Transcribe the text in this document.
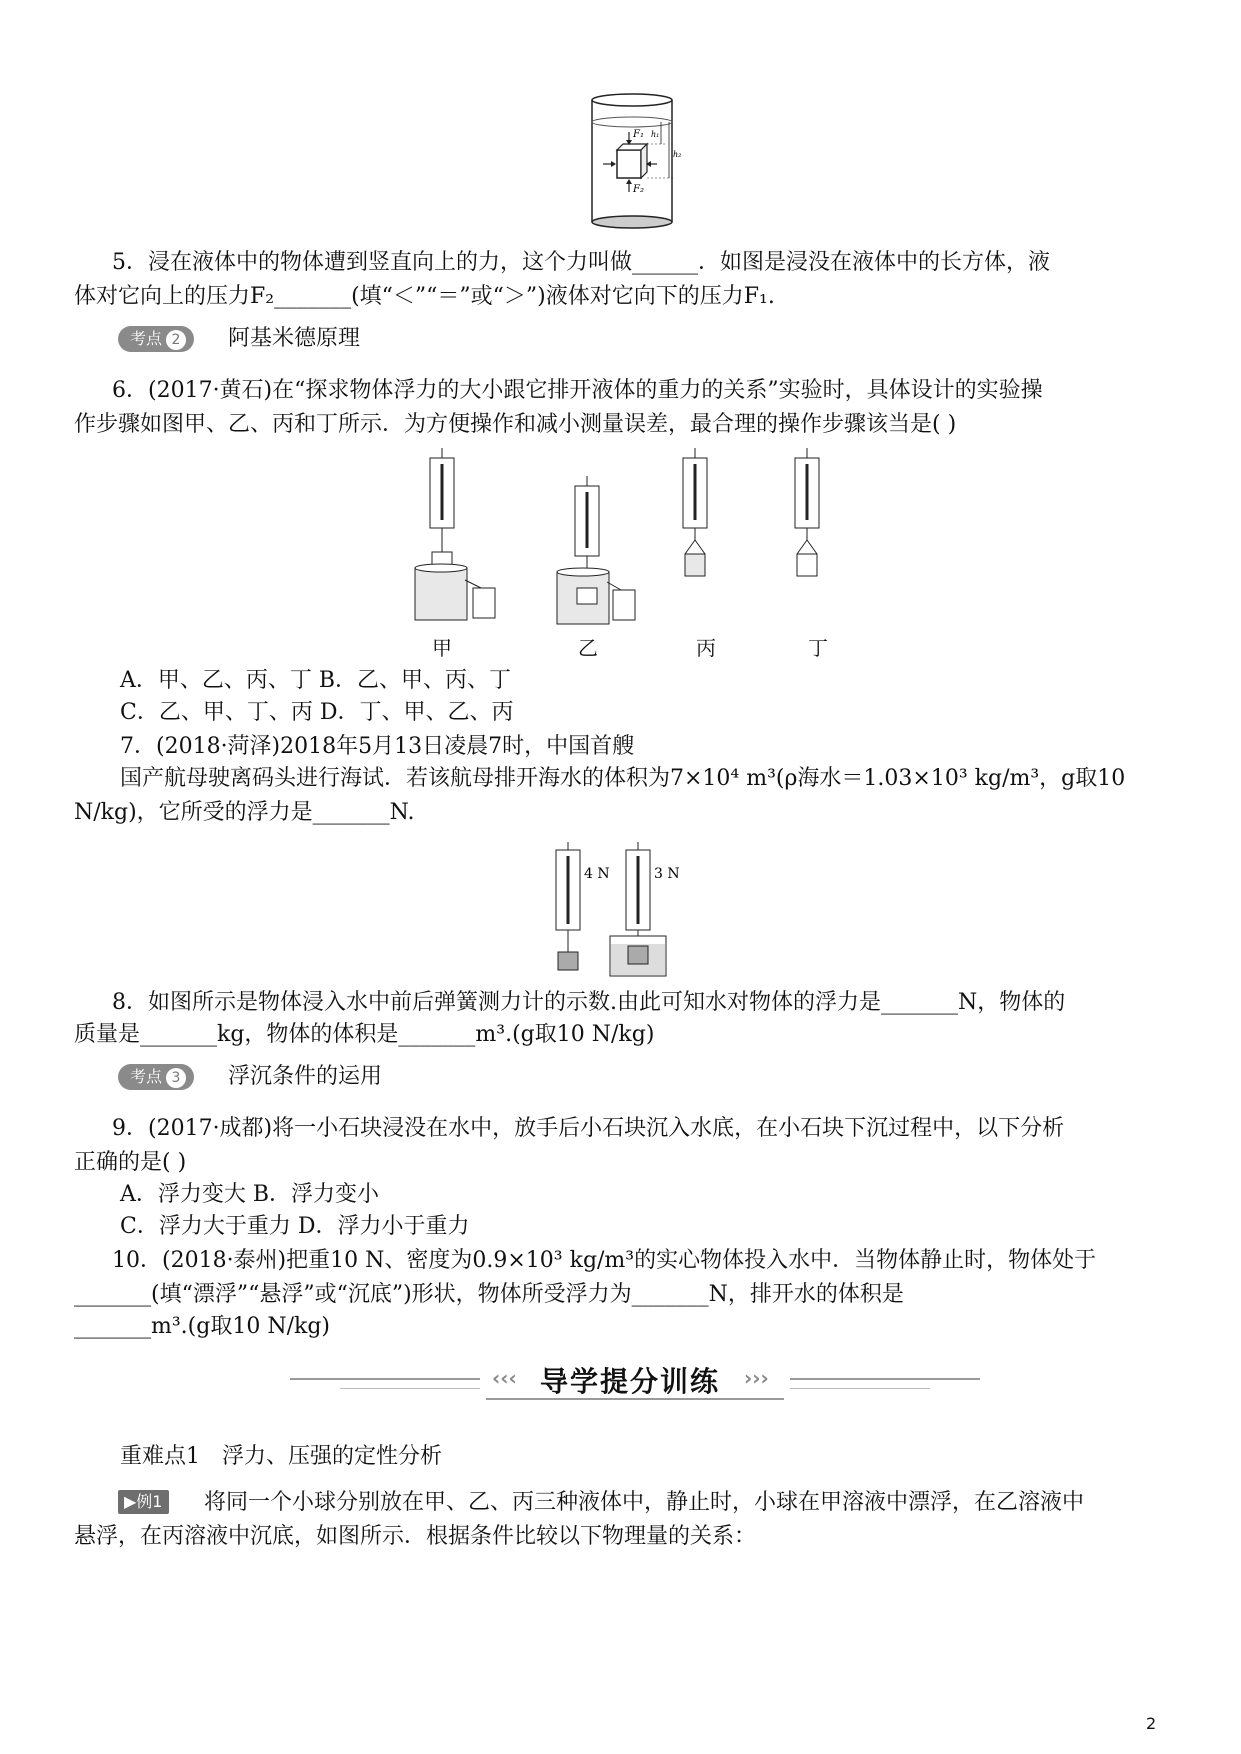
F₁
F₂
h₁
h₂
5．浸在液体中的物体遭到竖直向上的力，这个力叫做______．如图是浸没在液体中的长方体，液
体对它向上的压力F₂_______(填“＜”“＝”或“＞”)液体对它向下的压力F₁.
考点 2	阿基米德原理
6．(2017·黄石)在“探求物体浮力的大小跟它排开液体的重力的关系”实验时，具体设计的实验操
作步骤如图甲、乙、丙和丁所示．为方便操作和减小测量误差，最合理的操作步骤该当是( )
甲	乙	丙	丁
A．甲、乙、丙、丁 B．乙、甲、丙、丁
C．乙、甲、丁、丙 D．丁、甲、乙、丙
7．(2018·菏泽)2018年5月13日凌晨7时，中国首艘
国产航母驶离码头进行海试．若该航母排开海水的体积为7×10⁴ m³(ρ海水＝1.03×10³ kg/m³，g取10
N/kg)，它所受的浮力是_______N.
4 N	3 N
8．如图所示是物体浸入水中前后弹簧测力计的示数.由此可知水对物体的浮力是_______N，物体的
质量是_______kg，物体的体积是_______m³.(g取10 N/kg)
考点 3	浮沉条件的运用
9．(2017·成都)将一小石块浸没在水中，放手后小石块沉入水底，在小石块下沉过程中，以下分析
正确的是( )
A．浮力变大 B．浮力变小
C．浮力大于重力 D．浮力小于重力
10．(2018·泰州)把重10 N、密度为0.9×10³ kg/m³的实心物体投入水中．当物体静止时，物体处于
_______(填“漂浮”“悬浮”或“沉底”)形状，物体所受浮力为_______N，排开水的体积是
_______m³.(g取10 N/kg)
‹‹‹ 导学提分训练 ›››
重难点1　浮力、压强的定性分析
▶例1 将同一个小球分别放在甲、乙、丙三种液体中，静止时，小球在甲溶液中漂浮，在乙溶液中
悬浮，在丙溶液中沉底，如图所示．根据条件比较以下物理量的关系：
2
